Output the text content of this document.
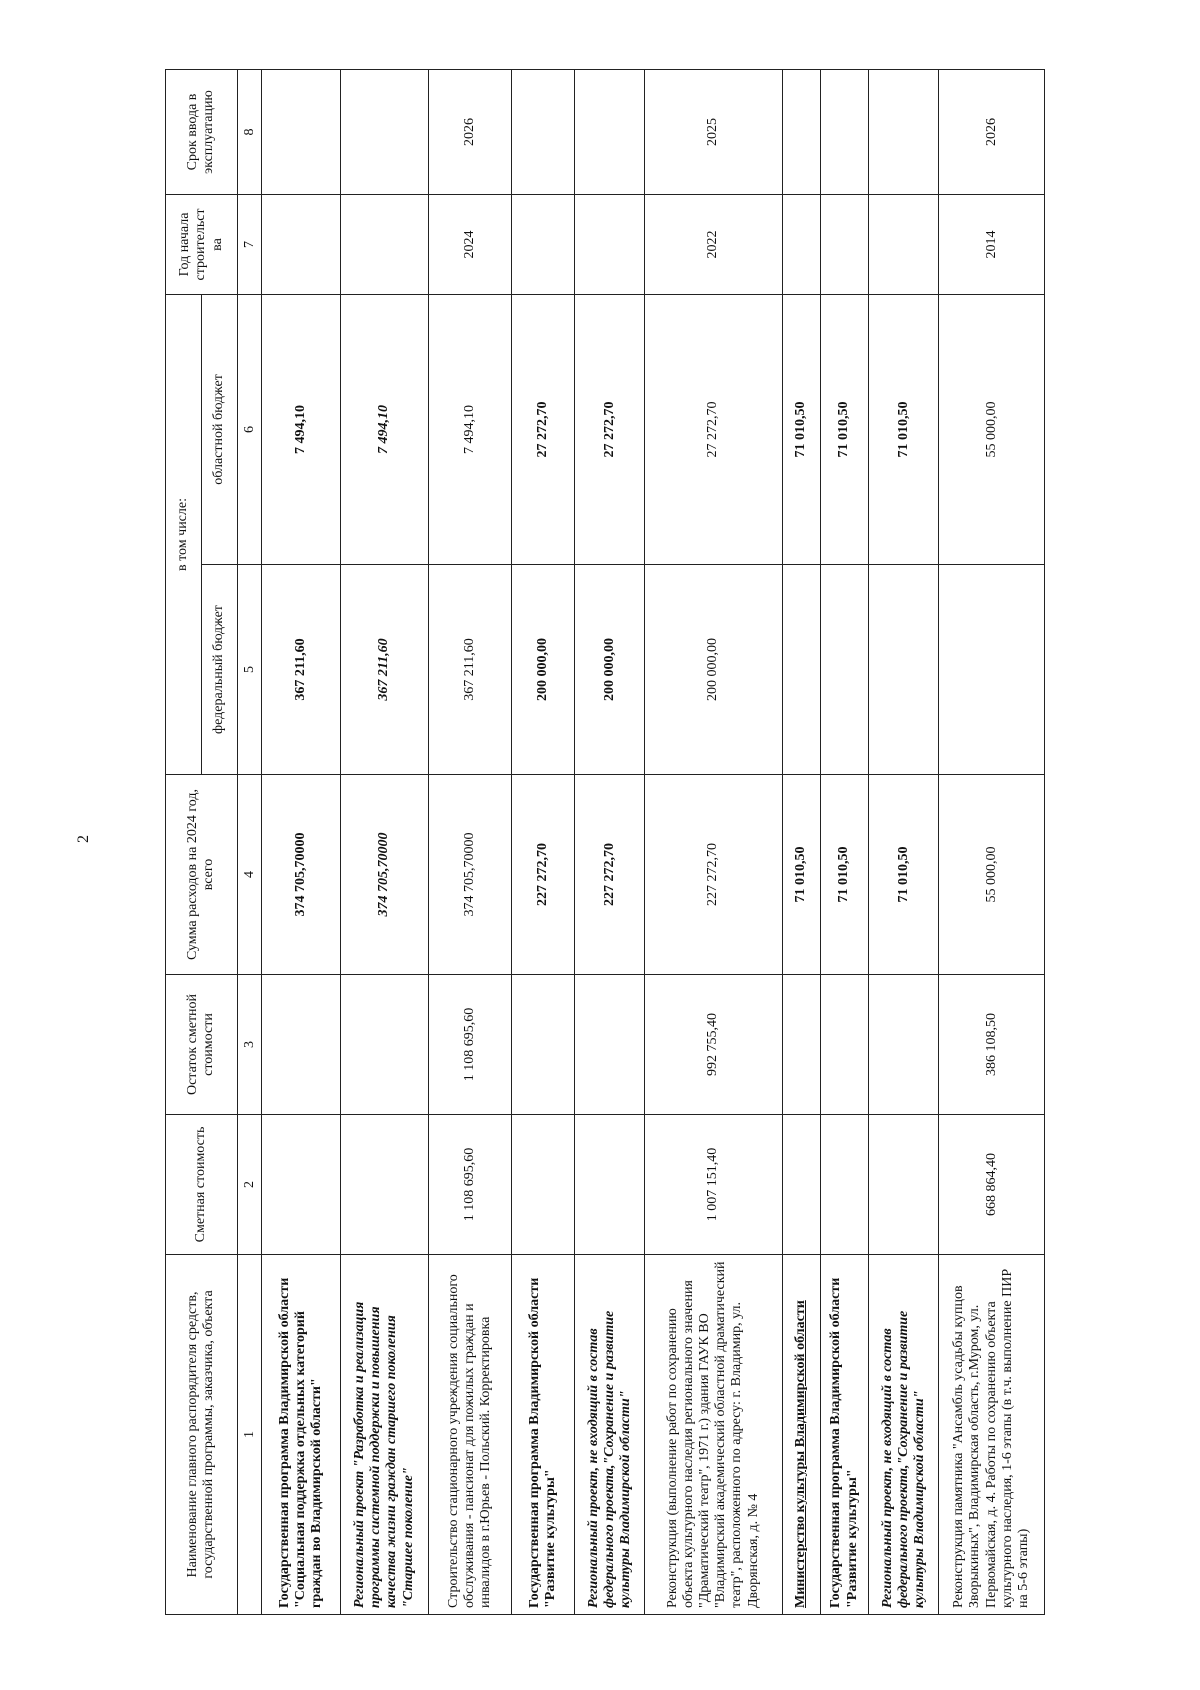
2
Наименование главного распорядителя средств, государственной программы, заказчика, объекта	Сметная стоимость	Остаток сметной стоимости	Сумма расходов на 2024 год, всего	в том числе:		Год начала строительст ва	Срок ввода в эксплуатацию
				федеральный бюджет	областной бюджет		
1	2	3	4	5	6	7	8
Государственная программа Владимирской области "Социальная поддержка отдельных категорий граждан во Владимирской области"			374 705,70000	367 211,60	7 494,10		
Региональный проект "Разработка и реализация программы системной поддержки и повышения качества жизни граждан старшего поколения "Старшее поколение"			374 705,70000	367 211,60	7 494,10		
Строительство стационарного учреждения социального обслуживания - пансионат для пожилых граждан и инвалидов в г.Юрьев - Польский. Корректировка	1 108 695,60	1 108 695,60	374 705,70000	367 211,60	7 494,10	2024	2026
Государственная программа Владимирской области "Развитие культуры"			227 272,70	200 000,00	27 272,70		
Региональный проект, не входящий в состав федерального проекта,"Сохранение и развитие культуры Владимирской области"			227 272,70	200 000,00	27 272,70		
Реконструкция (выполнение работ по сохранению объекта культурного наследия регионального значения "Драматический театр", 1971 г.) здания ГАУК ВО "Владимирский академический областной драматический театр", расположенного по адресу: г. Владимир, ул. Дворянская, д. № 4	1 007 151,40	992 755,40	227 272,70	200 000,00	27 272,70	2022	2025
Министерство культуры Владимирской области			71 010,50		71 010,50		
Государственная программа Владимирской области "Развитие культуры"			71 010,50		71 010,50		
Региональный проект, не входящий в состав федерального проекта,"Сохранение и развитие культуры Владимирской области"			71 010,50		71 010,50		
Реконструкция памятника "Ансамбль усадьбы купцов Зворыкиных", Владимирская область, г.Муром, ул. Первомайская, д. 4. Работы по сохранению объекта культурного наследия, 1-6 этапы (в т.ч. выполнение ПИР на 5-6 этапы)	668 864,40	386 108,50	55 000,00		55 000,00	2014	2026
